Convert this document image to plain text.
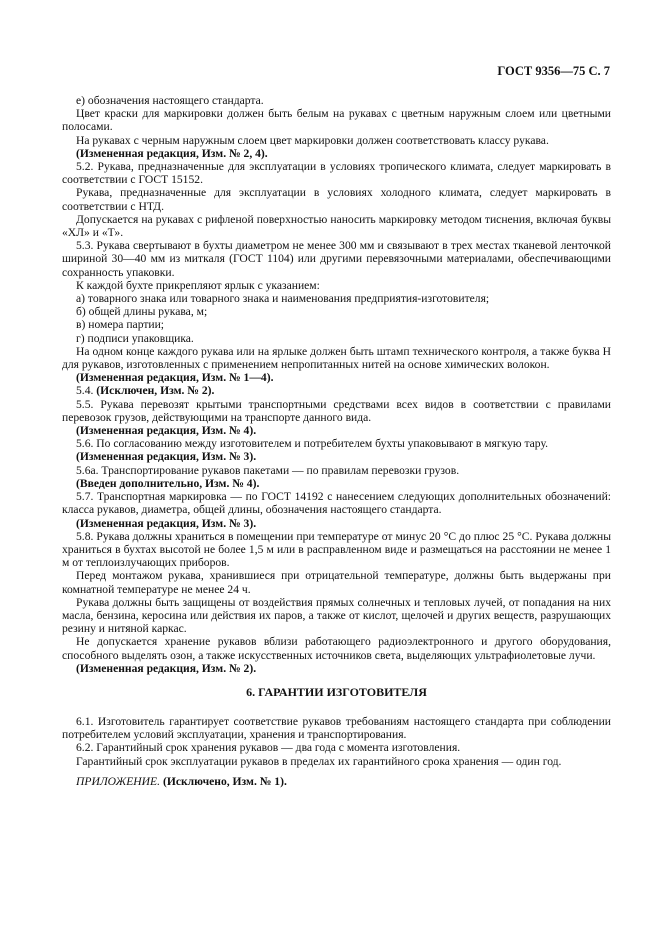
ГОСТ 9356—75 С. 7

е) обозначения настоящего стандарта.

Цвет краски для маркировки должен быть белым на рукавах с цветным наружным слоем или цветными полосами.

На рукавах с черным наружным слоем цвет маркировки должен соответствовать классу рукава.

(Измененная редакция, Изм. № 2, 4).

5.2. Рукава, предназначенные для эксплуатации в условиях тропического климата, следует маркировать в соответствии с ГОСТ 15152.

Рукава, предназначенные для эксплуатации в условиях холодного климата, следует маркировать в соответствии с НТД.

Допускается на рукавах с рифленой поверхностью наносить маркировку методом тиснения, включая буквы «ХЛ» и «Т».

5.3. Рукава свертывают в бухты диаметром не менее 300 мм и связывают в трех местах тканевой ленточкой шириной 30—40 мм из миткаля (ГОСТ 1104) или другими перевязочными материалами, обеспечивающими сохранность упаковки.

К каждой бухте прикрепляют ярлык с указанием:

а) товарного знака или товарного знака и наименования предприятия-изготовителя;

б) общей длины рукава, м;

в) номера партии;

г) подписи упаковщика.

На одном конце каждого рукава или на ярлыке должен быть штамп технического контроля, а также буква Н для рукавов, изготовленных с применением непропитанных нитей на основе химических волокон.

(Измененная редакция, Изм. № 1—4).

5.4. (Исключен, Изм. № 2).

5.5. Рукава перевозят крытыми транспортными средствами всех видов в соответствии с правилами перевозок грузов, действующими на транспорте данного вида.

(Измененная редакция, Изм. № 4).

5.6. По согласованию между изготовителем и потребителем бухты упаковывают в мягкую тару.

(Измененная редакция, Изм. № 3).

5.6а. Транспортирование рукавов пакетами — по правилам перевозки грузов.

(Введен дополнительно, Изм. № 4).

5.7. Транспортная маркировка — по ГОСТ 14192 с нанесением следующих дополнительных обозначений: класса рукавов, диаметра, общей длины, обозначения настоящего стандарта.

(Измененная редакция, Изм. № 3).

5.8. Рукава должны храниться в помещении при температуре от минус 20 °С до плюс 25 °С. Рукава должны храниться в бухтах высотой не более 1,5 м или в расправленном виде и размещаться на расстоянии не менее 1 м от теплоизлучающих приборов.

Перед монтажом рукава, хранившиеся при отрицательной температуре, должны быть выдержаны при комнатной температуре не менее 24 ч.

Рукава должны быть защищены от воздействия прямых солнечных и тепловых лучей, от попадания на них масла, бензина, керосина или действия их паров, а также от кислот, щелочей и других веществ, разрушающих резину и нитяной каркас.

Не допускается хранение рукавов вблизи работающего радиоэлектронного и другого оборудования, способного выделять озон, а также искусственных источников света, выделяющих ультрафиолетовые лучи.

(Измененная редакция, Изм. № 2).

6. ГАРАНТИИ ИЗГОТОВИТЕЛЯ

6.1. Изготовитель гарантирует соответствие рукавов требованиям настоящего стандарта при соблюдении потребителем условий эксплуатации, хранения и транспортирования.

6.2. Гарантийный срок хранения рукавов — два года с момента изготовления.

Гарантийный срок эксплуатации рукавов в пределах их гарантийного срока хранения — один год.

ПРИЛОЖЕНИЕ. (Исключено, Изм. № 1).
